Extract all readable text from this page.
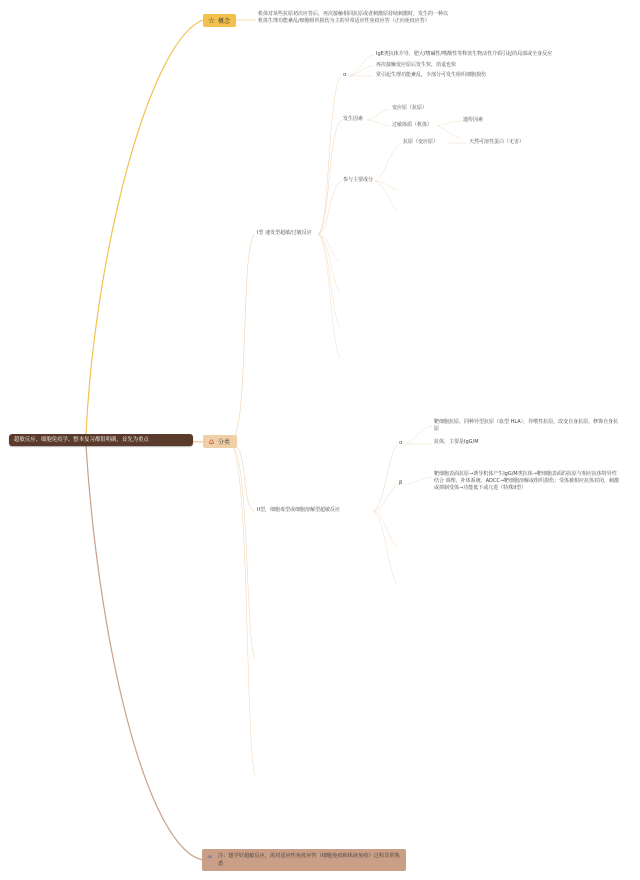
超敏反应、细胞免疫学、整本复习都很明确，首先为重点
☆ 概念
机体对某些抗原初次应答后，再次接触相同抗原或者刺激原持续刺激时，发生的一种以机体生理功能紊乱/细胞组织损伤为主的异常适应性免疫应答（正向免疫应答）
⌂ 分类
I型 速发型超敏/过敏反应
ɑ
IgE类抗体介导，肥大/嗜碱性/嗜酸性等释放生物活性介质引起的局部或全身反应
再次接触变应原后发生快，消退也快
常引起生理功能紊乱，少部分可发生组织细胞损伤
发生因素
变应原（抗原）
过敏体质（机体）
遗传因素
参与主要成分
抗原（变应原）	天然可溶性蛋白（无害）
II型，细胞毒型或细胞溶解型超敏反应
ɑ
靶细胞抗原，同种异型抗原（血型 HLA），异嗜性抗原，改变自身抗原，修饰自身抗原
抗体，主要是IgG/M
β
靶细胞表面抗原→诱导机体产生IgG/M类抗体→靶细胞表面的抗原与相应抗体特异性结合 调理、补体系统、ADCC→靶细胞溶解或组织损伤；受体被相应抗体封闭，刺激或抑制受体→功能低下或亢进（特殊II型）
∞ 注：想学好超敏反应，需对适应性免疫应答（细胞免疫和体液免疫）过程非常熟悉
